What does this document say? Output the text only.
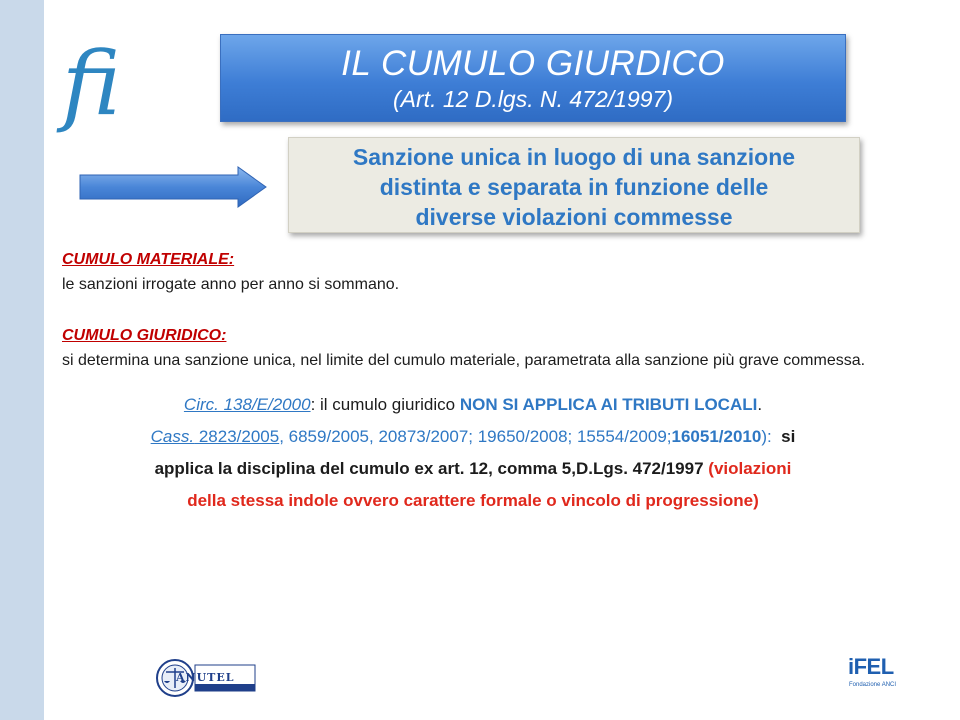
ﬁ	IL CUMULO GIURDICO
(Art. 12 D.lgs. N. 472/1997)
Sanzione unica in luogo di una sanzione
distinta e separata in funzione delle
diverse violazioni commesse

CUMULO MATERIALE:

le sanzioni irrogate anno per anno si sommano.

CUMULO GIURIDICO:

si determina una sanzione unica, nel limite del cumulo materiale, parametrata alla sanzione più grave commessa.

Circ. 138/E/2000: il cumulo giuridico NON SI APPLICA AI TRIBUTI LOCALI.

Cass. 2823/2005, 6859/2005, 20873/2007; 19650/2008; 15554/2009;16051/2010):  si

applica la disciplina del cumulo ex art. 12, comma 5,D.Lgs. 472/1997 (violazioni

della stessa indole ovvero carattere formale o vincolo di progressione)

ANUTEL	iFEL
Fondazione ANCI
